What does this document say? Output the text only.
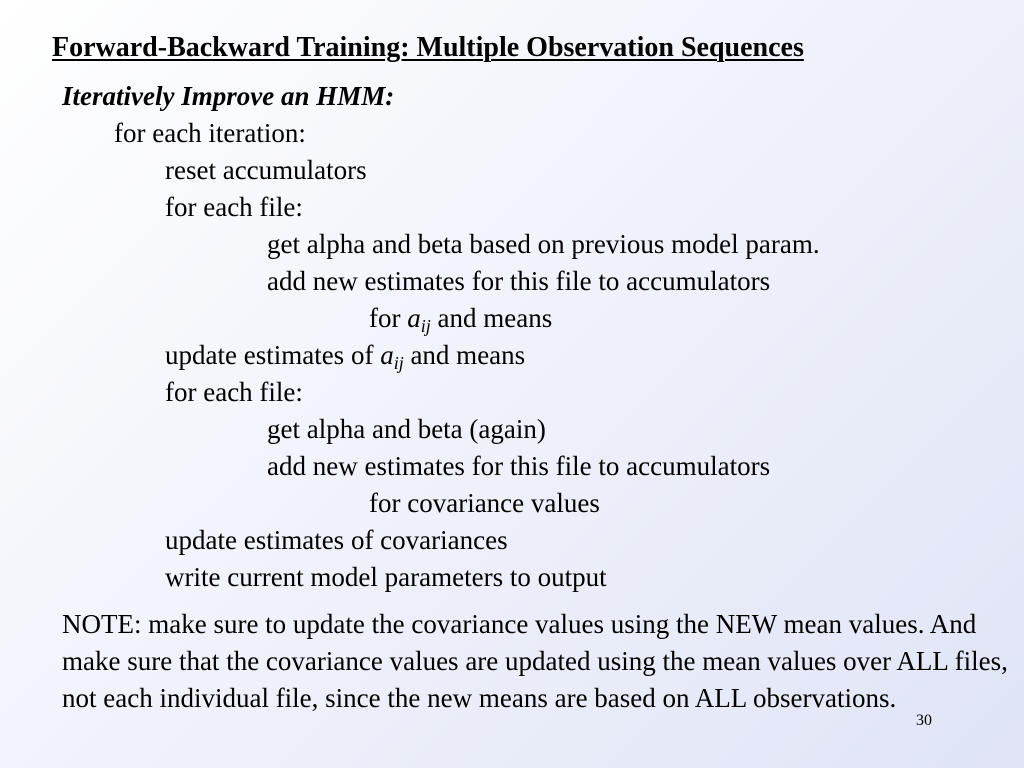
Forward-Backward Training: Multiple Observation Sequences
Iteratively Improve an HMM:
for each iteration:
reset accumulators
for each file:
get alpha and beta based on previous model param.
add new estimates for this file to accumulators
for $a_{ij}$ and means
update estimates of $a_{ij}$ and means
for each file:
get alpha and beta (again)
add new estimates for this file to accumulators
for covariance values
update estimates of covariances
write current model parameters to output

NOTE: make sure to update the covariance values using the NEW mean values. And make sure that the covariance values are updated using the mean values over ALL files, not each individual file, since the new means are based on ALL observations.

30
